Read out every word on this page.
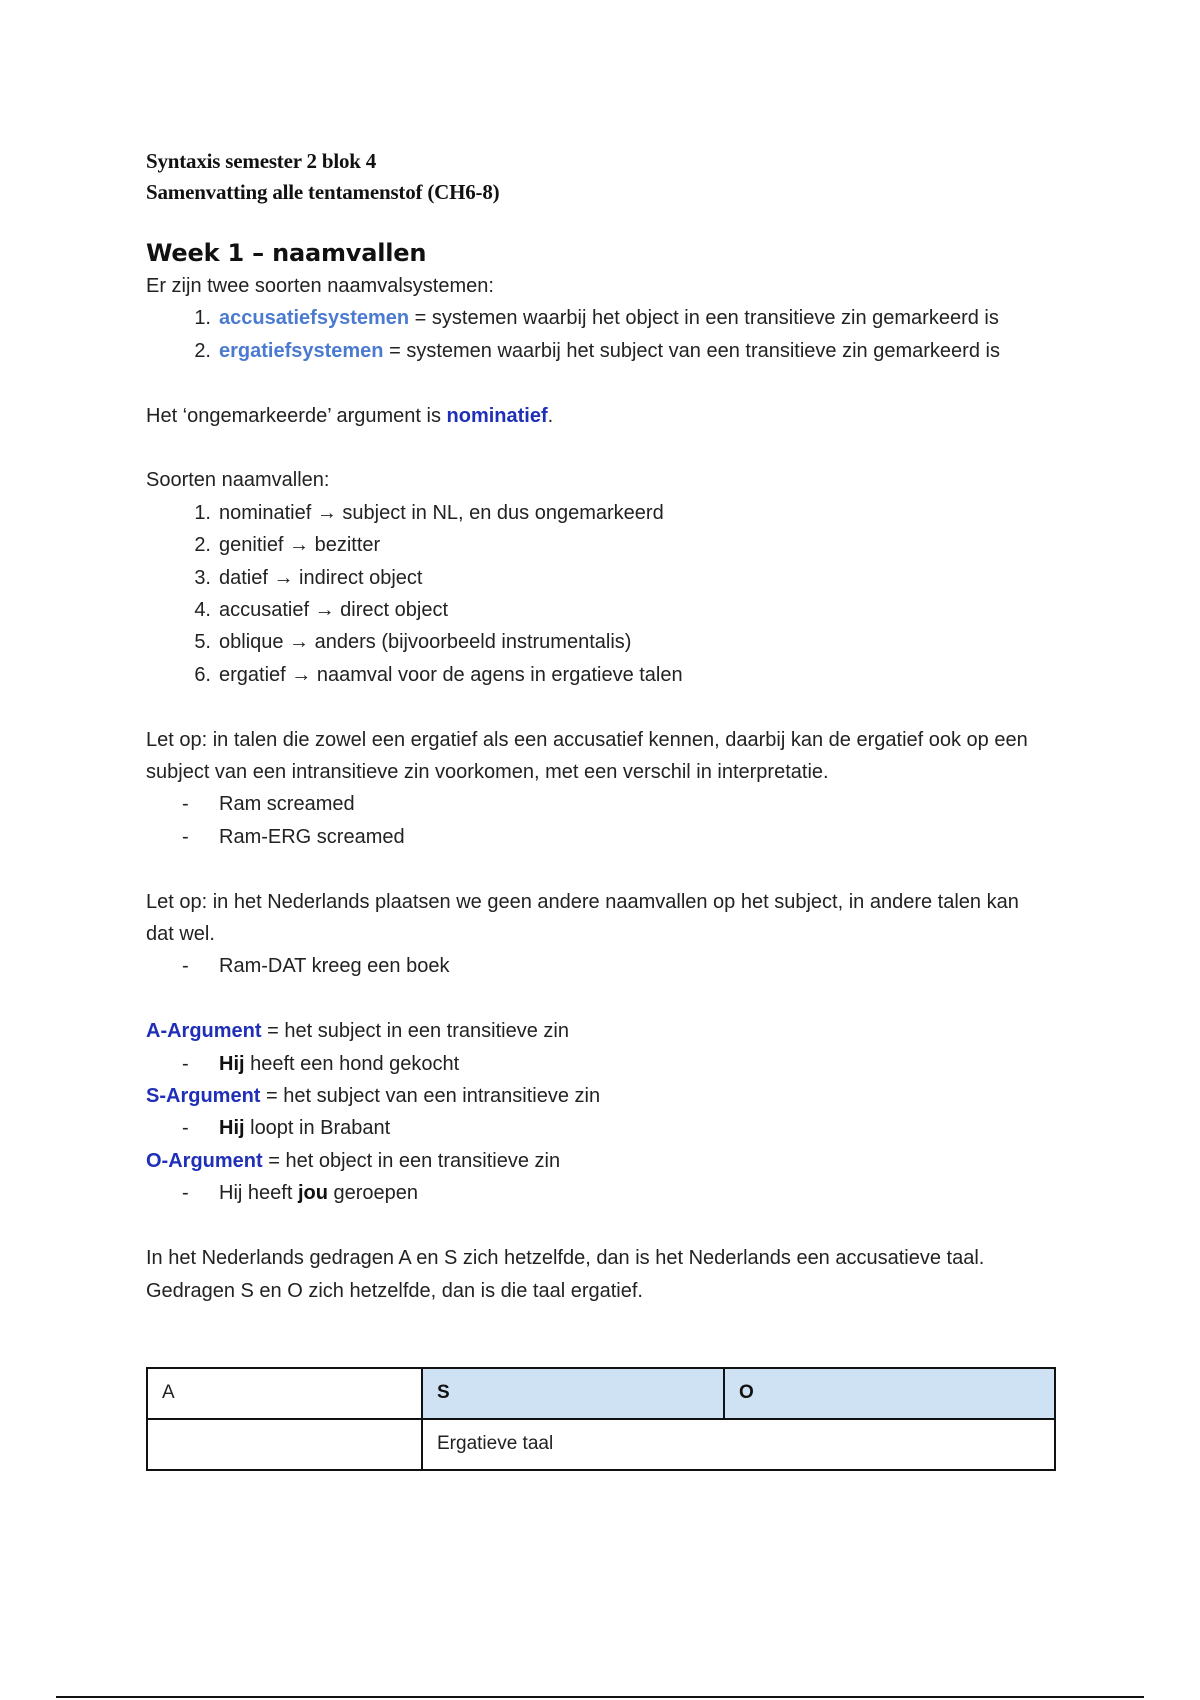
Syntaxis semester 2 blok 4
Samenvatting alle tentamenstof (CH6-8)
Week 1 – naamvallen
Er zijn twee soorten naamvalsystemen:
1. accusatiefsystemen = systemen waarbij het object in een transitieve zin gemarkeerd is
2. ergatiefsystemen = systemen waarbij het subject van een transitieve zin gemarkeerd is
Het ‘ongemarkeerde’ argument is nominatief.
Soorten naamvallen:
1. nominatief → subject in NL, en dus ongemarkeerd
2. genitief → bezitter
3. datief → indirect object
4. accusatief → direct object
5. oblique → anders (bijvoorbeeld instrumentalis)
6. ergatief → naamval voor de agens in ergatieve talen
Let op: in talen die zowel een ergatief als een accusatief kennen, daarbij kan de ergatief ook op een
subject van een intransitieve zin voorkomen, met een verschil in interpretatie.
-	Ram screamed
-	Ram-ERG screamed
Let op: in het Nederlands plaatsen we geen andere naamvallen op het subject, in andere talen kan
dat wel.
-	Ram-DAT kreeg een boek
A-Argument = het subject in een transitieve zin
-	Hij heeft een hond gekocht
S-Argument = het subject van een intransitieve zin
-	Hij loopt in Brabant
O-Argument = het object in een transitieve zin
-	Hij heeft jou geroepen
In het Nederlands gedragen A en S zich hetzelfde, dan is het Nederlands een accusatieve taal.
Gedragen S en O zich hetzelfde, dan is die taal ergatief.
A	S	O
	Ergatieve taal	
